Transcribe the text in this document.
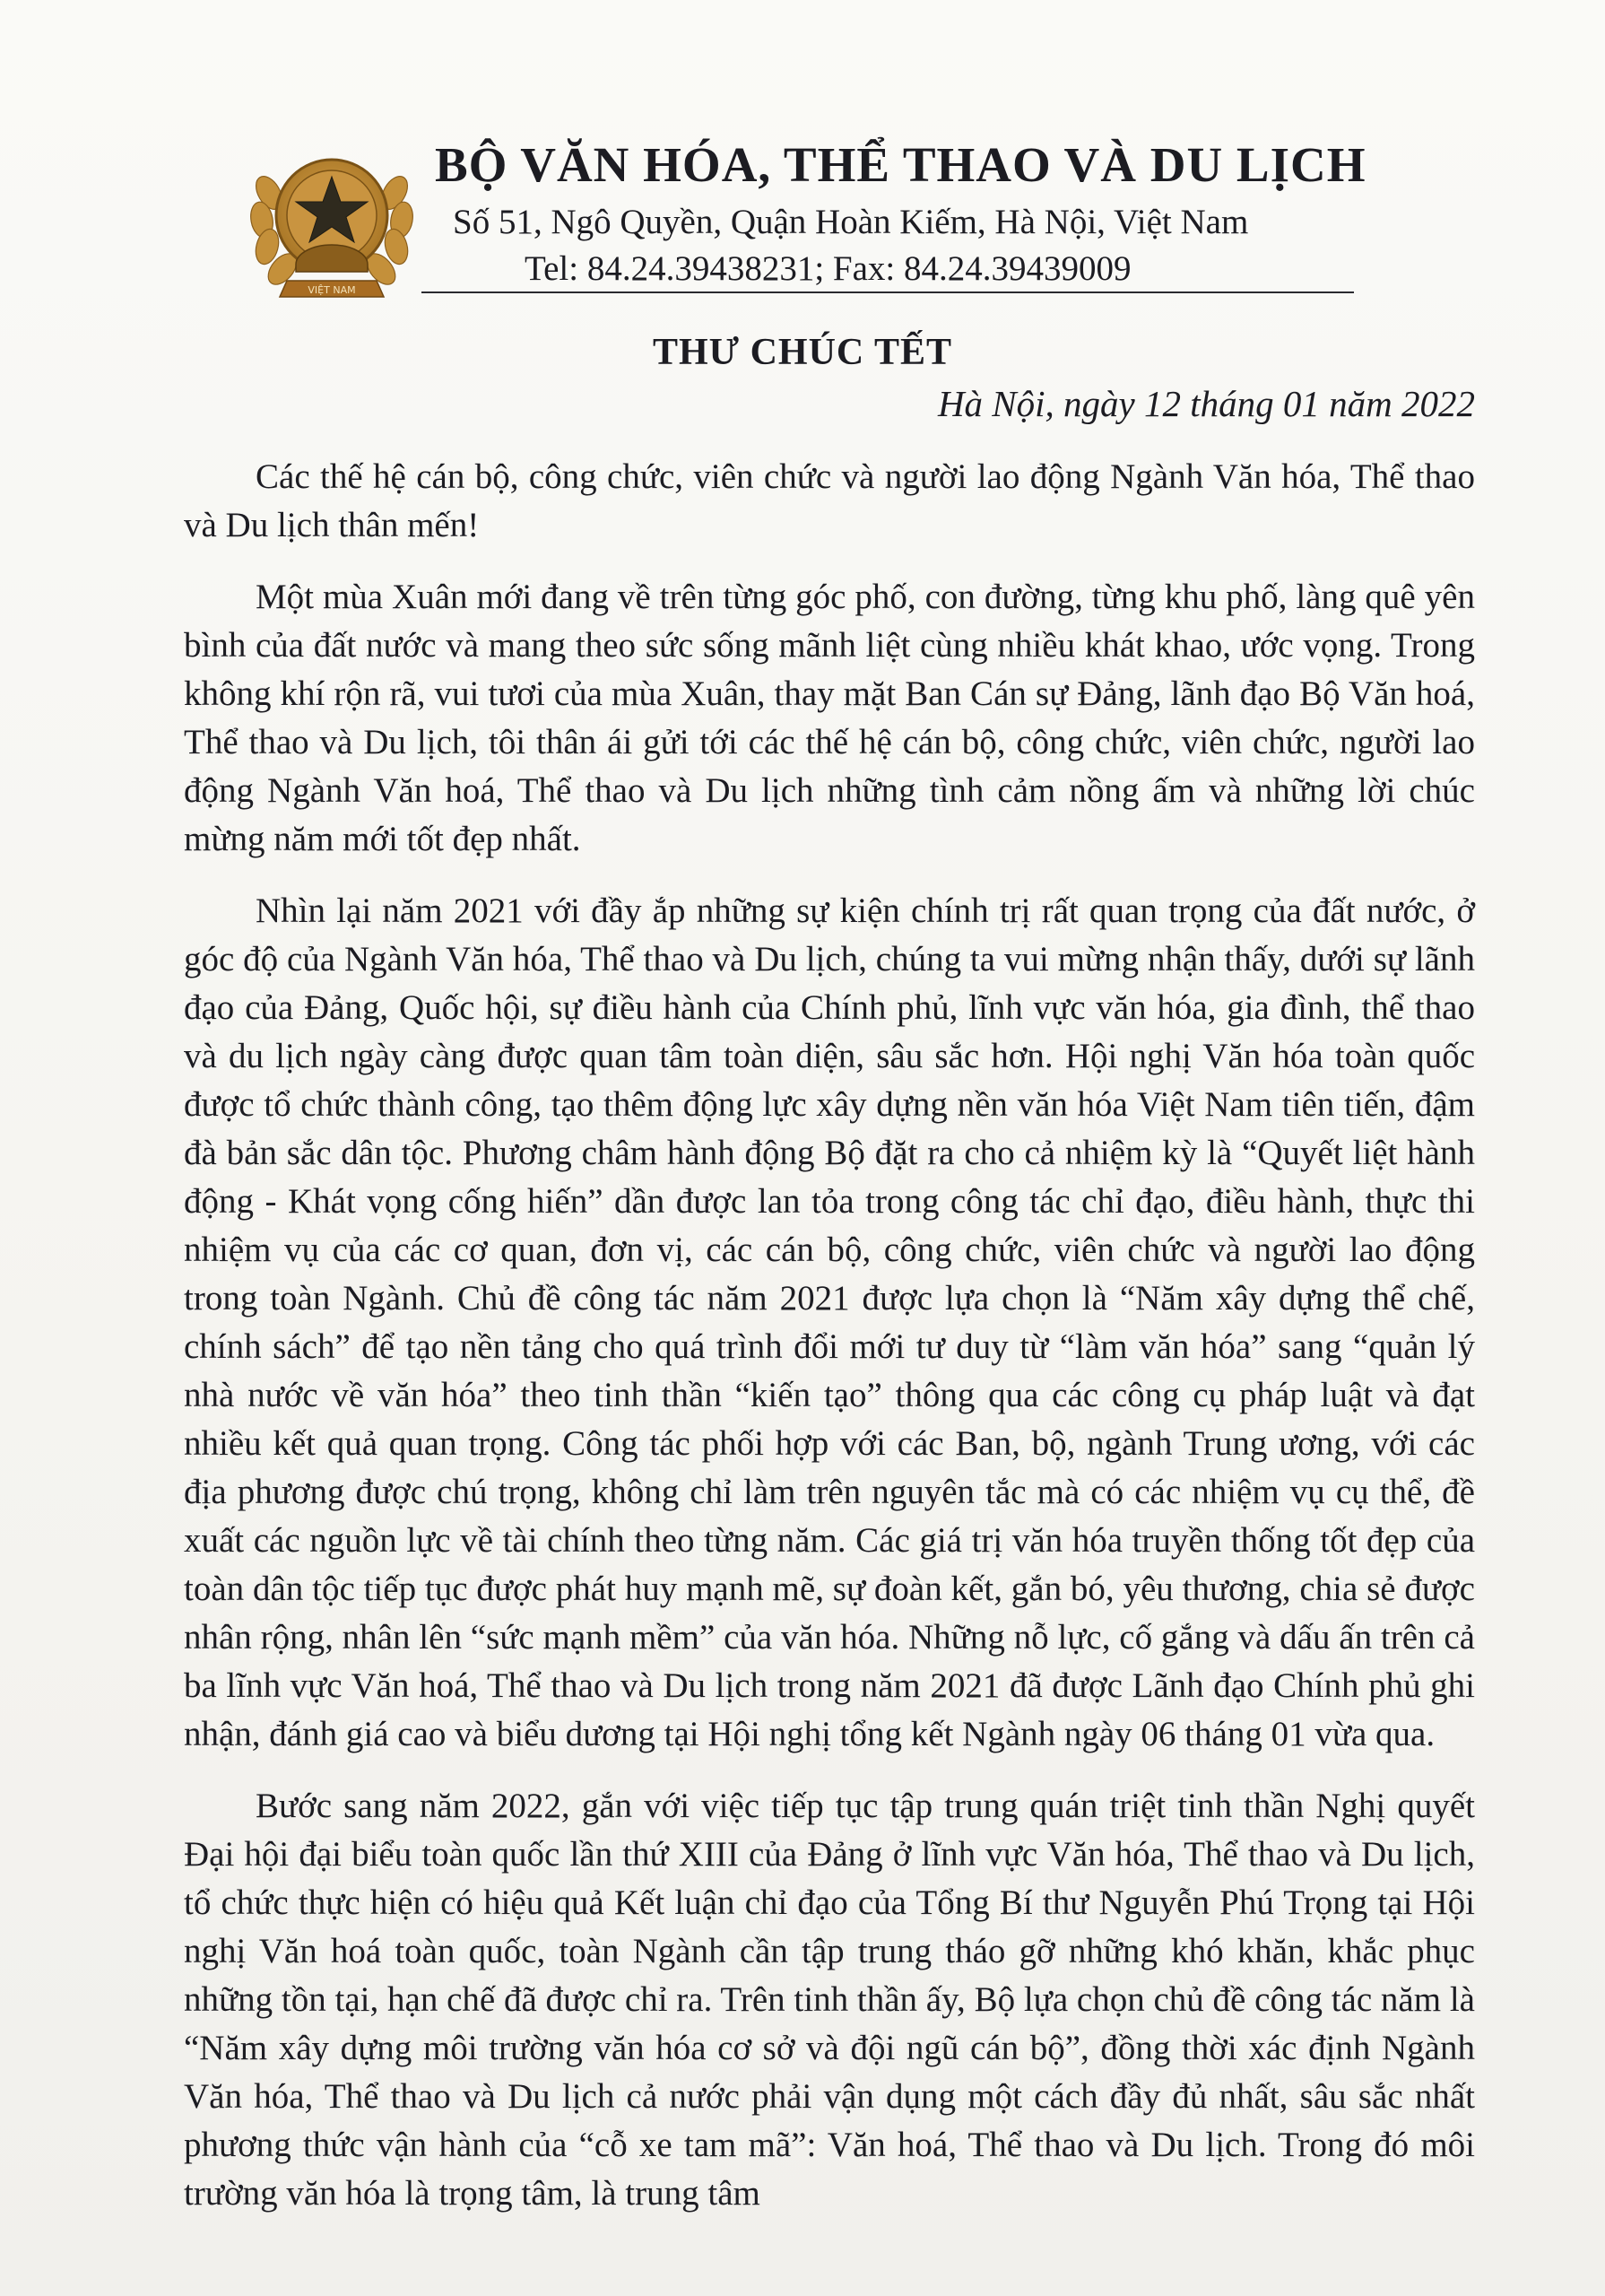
VIỆT NAM

BỘ VĂN HÓA, THỂ THAO VÀ DU LỊCH

Số 51, Ngô Quyền, Quận Hoàn Kiếm, Hà Nội, Việt Nam

Tel: 84.24.39438231; Fax: 84.24.39439009

THƯ CHÚC TẾT
Hà Nội, ngày 12 tháng 01 năm 2022

Các thế hệ cán bộ, công chức, viên chức và người lao động Ngành Văn hóa, Thể thao và Du lịch thân mến!

Một mùa Xuân mới đang về trên từng góc phố, con đường, từng khu phố, làng quê yên bình của đất nước và mang theo sức sống mãnh liệt cùng nhiều khát khao, ước vọng. Trong không khí rộn rã, vui tươi của mùa Xuân, thay mặt Ban Cán sự Đảng, lãnh đạo Bộ Văn hoá, Thể thao và Du lịch, tôi thân ái gửi tới các thế hệ cán bộ, công chức, viên chức, người lao động Ngành Văn hoá, Thể thao và Du lịch những tình cảm nồng ấm và những lời chúc mừng năm mới tốt đẹp nhất.

Nhìn lại năm 2021 với đầy ắp những sự kiện chính trị rất quan trọng của đất nước, ở góc độ của Ngành Văn hóa, Thể thao và Du lịch, chúng ta vui mừng nhận thấy, dưới sự lãnh đạo của Đảng, Quốc hội, sự điều hành của Chính phủ, lĩnh vực văn hóa, gia đình, thể thao và du lịch ngày càng được quan tâm toàn diện, sâu sắc hơn. Hội nghị Văn hóa toàn quốc được tổ chức thành công, tạo thêm động lực xây dựng nền văn hóa Việt Nam tiên tiến, đậm đà bản sắc dân tộc. Phương châm hành động Bộ đặt ra cho cả nhiệm kỳ là “Quyết liệt hành động - Khát vọng cống hiến” dần được lan tỏa trong công tác chỉ đạo, điều hành, thực thi nhiệm vụ của các cơ quan, đơn vị, các cán bộ, công chức, viên chức và người lao động trong toàn Ngành. Chủ đề công tác năm 2021 được lựa chọn là “Năm xây dựng thể chế, chính sách” để tạo nền tảng cho quá trình đổi mới tư duy từ “làm văn hóa” sang “quản lý nhà nước về văn hóa” theo tinh thần “kiến tạo” thông qua các công cụ pháp luật và đạt nhiều kết quả quan trọng. Công tác phối hợp với các Ban, bộ, ngành Trung ương, với các địa phương được chú trọng, không chỉ làm trên nguyên tắc mà có các nhiệm vụ cụ thể, đề xuất các nguồn lực về tài chính theo từng năm. Các giá trị văn hóa truyền thống tốt đẹp của toàn dân tộc tiếp tục được phát huy mạnh mẽ, sự đoàn kết, gắn bó, yêu thương, chia sẻ được nhân rộng, nhân lên “sức mạnh mềm” của văn hóa. Những nỗ lực, cố gắng và dấu ấn trên cả ba lĩnh vực Văn hoá, Thể thao và Du lịch trong năm 2021 đã được Lãnh đạo Chính phủ ghi nhận, đánh giá cao và biểu dương tại Hội nghị tổng kết Ngành ngày 06 tháng 01 vừa qua.

Bước sang năm 2022, gắn với việc tiếp tục tập trung quán triệt tinh thần Nghị quyết Đại hội đại biểu toàn quốc lần thứ XIII của Đảng ở lĩnh vực Văn hóa, Thể thao và Du lịch, tổ chức thực hiện có hiệu quả Kết luận chỉ đạo của Tổng Bí thư Nguyễn Phú Trọng tại Hội nghị Văn hoá toàn quốc, toàn Ngành cần tập trung tháo gỡ những khó khăn, khắc phục những tồn tại, hạn chế đã được chỉ ra. Trên tinh thần ấy, Bộ lựa chọn chủ đề công tác năm là “Năm xây dựng môi trường văn hóa cơ sở và đội ngũ cán bộ”, đồng thời xác định Ngành Văn hóa, Thể thao và Du lịch cả nước phải vận dụng một cách đầy đủ nhất, sâu sắc nhất phương thức vận hành của “cỗ xe tam mã”: Văn hoá, Thể thao và Du lịch. Trong đó môi trường văn hóa là trọng tâm, là trung tâm
